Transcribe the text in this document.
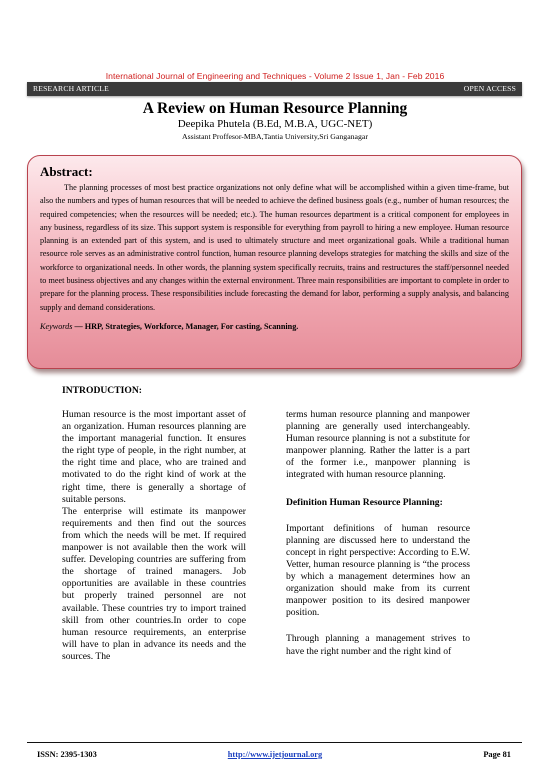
International Journal of Engineering and Techniques - Volume 2 Issue 1, Jan - Feb 2016
RESEARCH ARTICLE	OPEN ACCESS
A Review on Human Resource Planning
Deepika Phutela (B.Ed, M.B.A, UGC-NET)
Assistant Proffesor-MBA,Tantia University,Sri Ganganagar
Abstract:

The planning processes of most best practice organizations not only define what will be accomplished within a given time-frame, but also the numbers and types of human resources that will be needed to achieve the defined business goals (e.g., number of human resources; the required competencies; when the resources will be needed; etc.). The human resources department is a critical component for employees in any business, regardless of its size. This support system is responsible for everything from payroll to hiring a new employee. Human resource planning is an extended part of this system, and is used to ultimately structure and meet organizational goals. While a traditional human resource role serves as an administrative control function, human resource planning develops strategies for matching the skills and size of the workforce to organizational needs. In other words, the planning system specifically recruits, trains and restructures the staff/personnel needed to meet business objectives and any changes within the external environment. Three main responsibilities are important to complete in order to prepare for the planning process. These responsibilities include forecasting the demand for labor, performing a supply analysis, and balancing supply and demand considerations.

Keywords — HRP, Strategies, Workforce, Manager, For casting, Scanning.
INTRODUCTION:

Human resource is the most important asset of an organization. Human resources planning are the important managerial function. It ensures the right type of people, in the right number, at the right time and place, who are trained and motivated to do the right kind of work at the right time, there is generally a shortage of suitable persons.

The enterprise will estimate its manpower requirements and then find out the sources from which the needs will be met. If required manpower is not available then the work will suffer. Developing countries are suffering from the shortage of trained managers. Job opportunities are available in these countries but properly trained personnel are not available. These countries try to import trained skill from other countries.In order to cope human resource requirements, an enterprise will have to plan in advance its needs and the sources. The

terms human resource planning and manpower planning are generally used interchangeably. Human resource planning is not a substitute for manpower planning. Rather the latter is a part of the former i.e., manpower planning is integrated with human resource planning.

Definition Human Resource Planning:

Important definitions of human resource planning are discussed here to understand the concept in right perspective: According to E.W. Vetter, human resource planning is “the process by which a management determines how an organization should make from its current manpower position to its desired manpower position.

Through planning a management strives to have the right number and the right kind of

ISSN: 2395-1303	http://www.ijetjournal.org	Page 81
